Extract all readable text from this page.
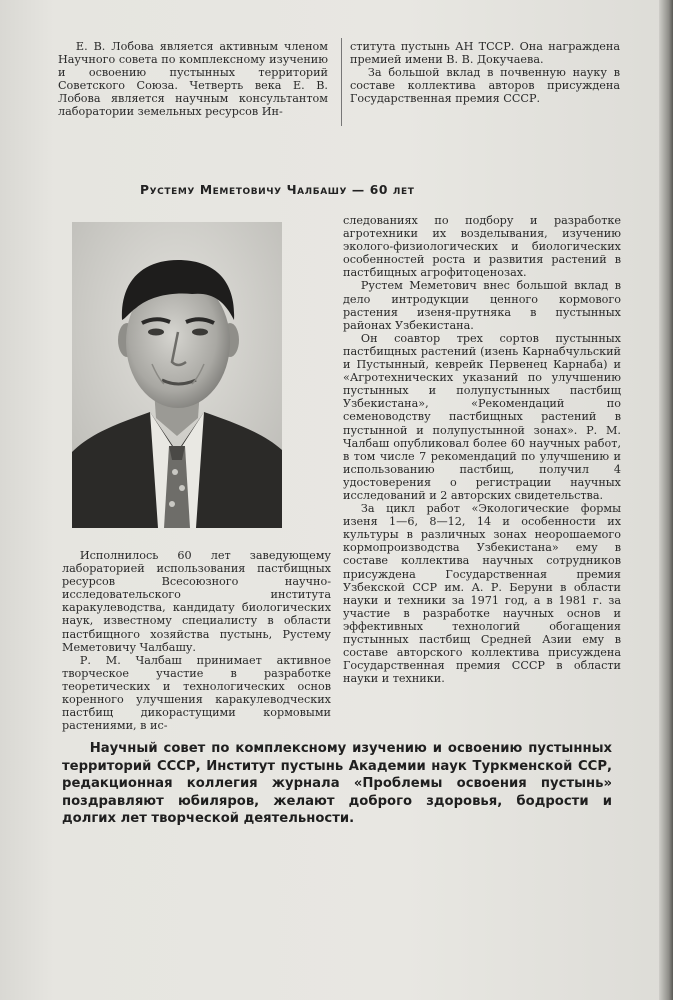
Е. В. Лобова является активным членом Научного совета по комплексному изучению и освоению пустынных территорий Советского Союза. Четверть века Е. В. Лобова является научным консультантом лаборатории земельных ресурсов Ин-

ститута пустынь АН ТССР. Она награждена премией имени В. В. Докучаева.

За большой вклад в почвенную науку в составе коллектива авторов присуждена Государственная премия СССР.

Рустему Меметовичу Чалбашу — 60 лет

Исполнилось 60 лет заведующему лабораторией использования пастбищных ресурсов Всесоюзного научно-исследовательского института каракулеводства, кандидату биологических наук, известному специалисту в области пастбищного хозяйства пустынь, Рустему Меметовичу Чалбашу.

Р. М. Чалбаш принимает активное творческое участие в разработке теоретических и технологических основ коренного улучшения каракулеводческих пастбищ дикорастущими кормовыми растениями, в ис-

следованиях по подбору и разработке агротехники их возделывания, изучению эколого-физиологических и биологических особенностей роста и развития растений в пастбищных агрофитоценозах.

Рустем Меметович внес большой вклад в дело интродукции ценного кормового растения изеня-прутняка в пустынных районах Узбекистана.

Он соавтор трех сортов пустынных пастбищных растений (изень Карнабчульский и Пустынный, кеврейк Первенец Карнаба) и «Агротехнических указаний по улучшению пустынных и полупустынных пастбищ Узбекистана», «Рекомендаций по семеноводству пастбищных растений в пустынной и полупустынной зонах». Р. М. Чалбаш опубликовал более 60 научных работ, в том числе 7 рекомендаций по улучшению и использованию пастбищ, получил 4 удостоверения о регистрации научных исследований и 2 авторских свидетельства.

За цикл работ «Экологические формы изеня 1—6, 8—12, 14 и особенности их культуры в различных зонах неорошаемого кормопроизводства Узбекистана» ему в составе коллектива научных сотрудников присуждена Государственная премия Узбекской ССР им. А. Р. Беруни в области науки и техники за 1971 год, а в 1981 г. за участие в разработке научных основ и эффективных технологий обогащения пустынных пастбищ Средней Азии ему в составе авторского коллектива присуждена Государственная премия СССР в области науки и техники.

Научный совет по комплексному изучению и освоению пустынных территорий СССР, Институт пустынь Академии наук Туркменской ССР, редакционная коллегия журнала «Проблемы освоения пустынь» поздравляют юбиляров, желают доброго здоровья, бодрости и долгих лет творческой деятельности.
